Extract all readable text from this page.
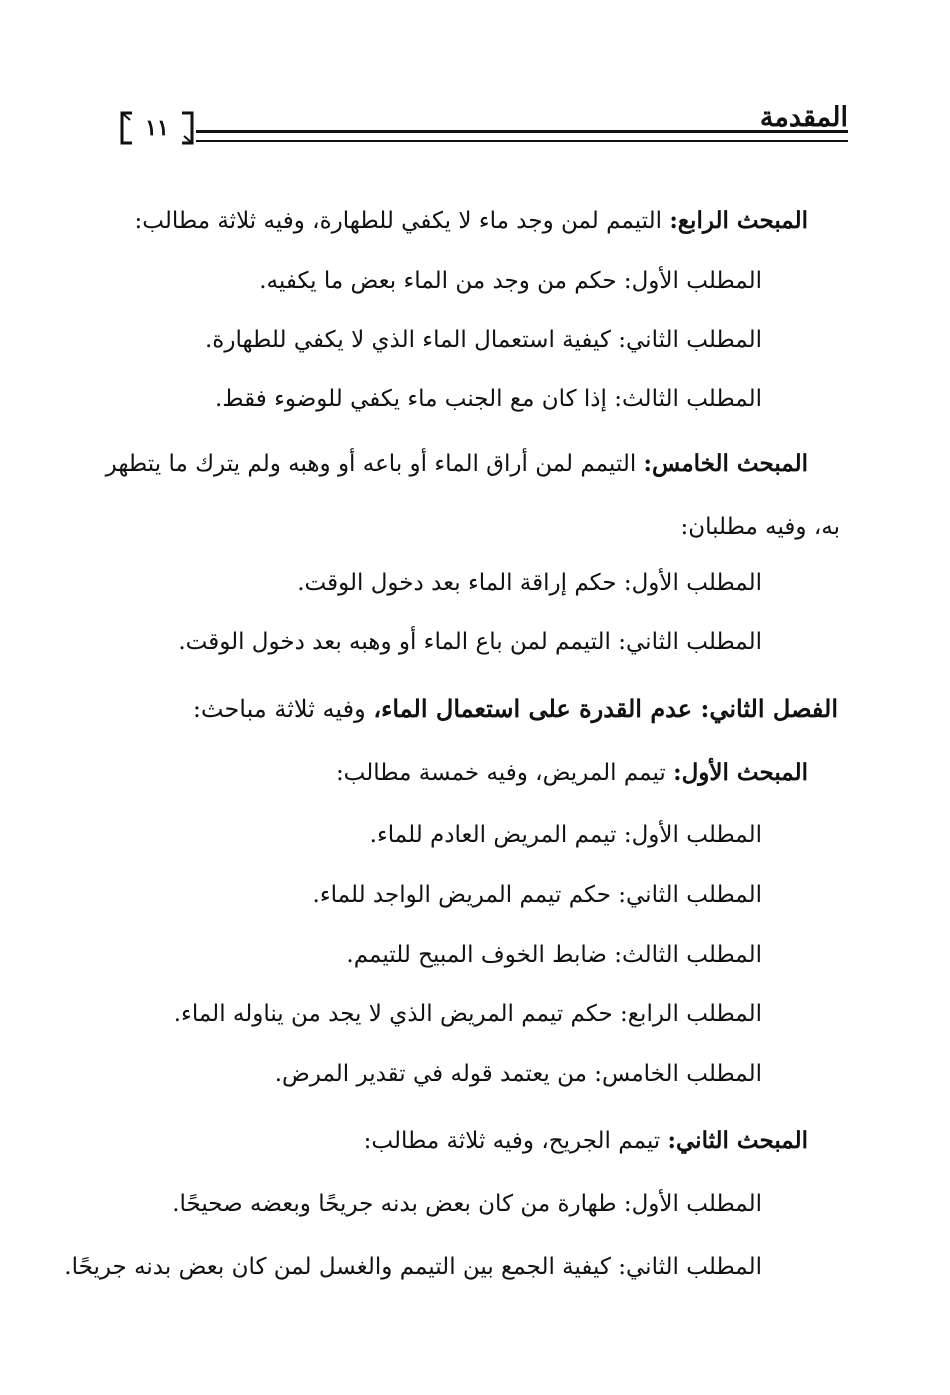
المقدمة
١١
المبحث الرابع: التيمم لمن وجد ماء لا يكفي للطهارة، وفيه ثلاثة مطالب:
المطلب الأول: حكم من وجد من الماء بعض ما يكفيه.
المطلب الثاني: كيفية استعمال الماء الذي لا يكفي للطهارة.
المطلب الثالث: إذا كان مع الجنب ماء يكفي للوضوء فقط.
المبحث الخامس: التيمم لمن أراق الماء أو باعه أو وهبه ولم يترك ما يتطهر
به، وفيه مطلبان:
المطلب الأول: حكم إراقة الماء بعد دخول الوقت.
المطلب الثاني: التيمم لمن باع الماء أو وهبه بعد دخول الوقت.
الفصل الثاني: عدم القدرة على استعمال الماء، وفيه ثلاثة مباحث:
المبحث الأول: تيمم المريض، وفيه خمسة مطالب:
المطلب الأول: تيمم المريض العادم للماء.
المطلب الثاني: حكم تيمم المريض الواجد للماء.
المطلب الثالث: ضابط الخوف المبيح للتيمم.
المطلب الرابع: حكم تيمم المريض الذي لا يجد من يناوله الماء.
المطلب الخامس: من يعتمد قوله في تقدير المرض.
المبحث الثاني: تيمم الجريح، وفيه ثلاثة مطالب:
المطلب الأول: طهارة من كان بعض بدنه جريحًا وبعضه صحيحًا.
المطلب الثاني: كيفية الجمع بين التيمم والغسل لمن كان بعض بدنه جريحًا.
